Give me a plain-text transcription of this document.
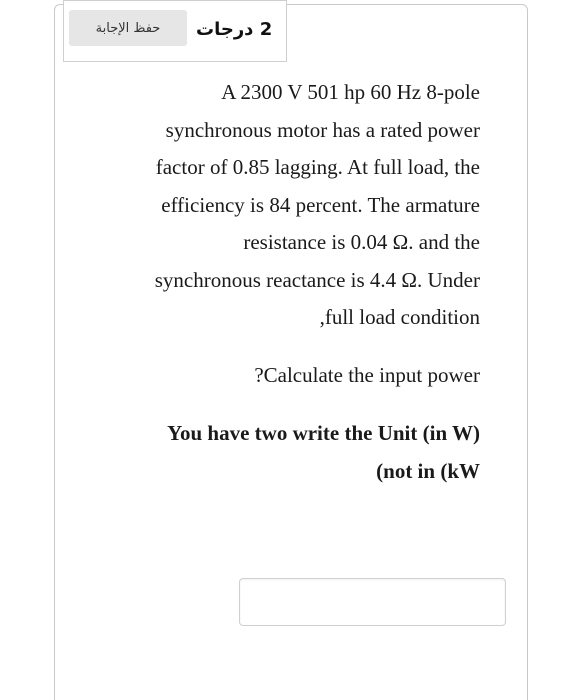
حفظ الإجابة	2 درجات

A 2300 V 501 hp 60 Hz 8-pole

synchronous motor has a rated power

factor of 0.85 lagging. At full load, the

efficiency is 84 percent. The armature

resistance is 0.04 Ω. and the

synchronous reactance is 4.4 Ω. Under

,full load condition

?Calculate the input power

You have two write the Unit (in W)

(not in (kW
